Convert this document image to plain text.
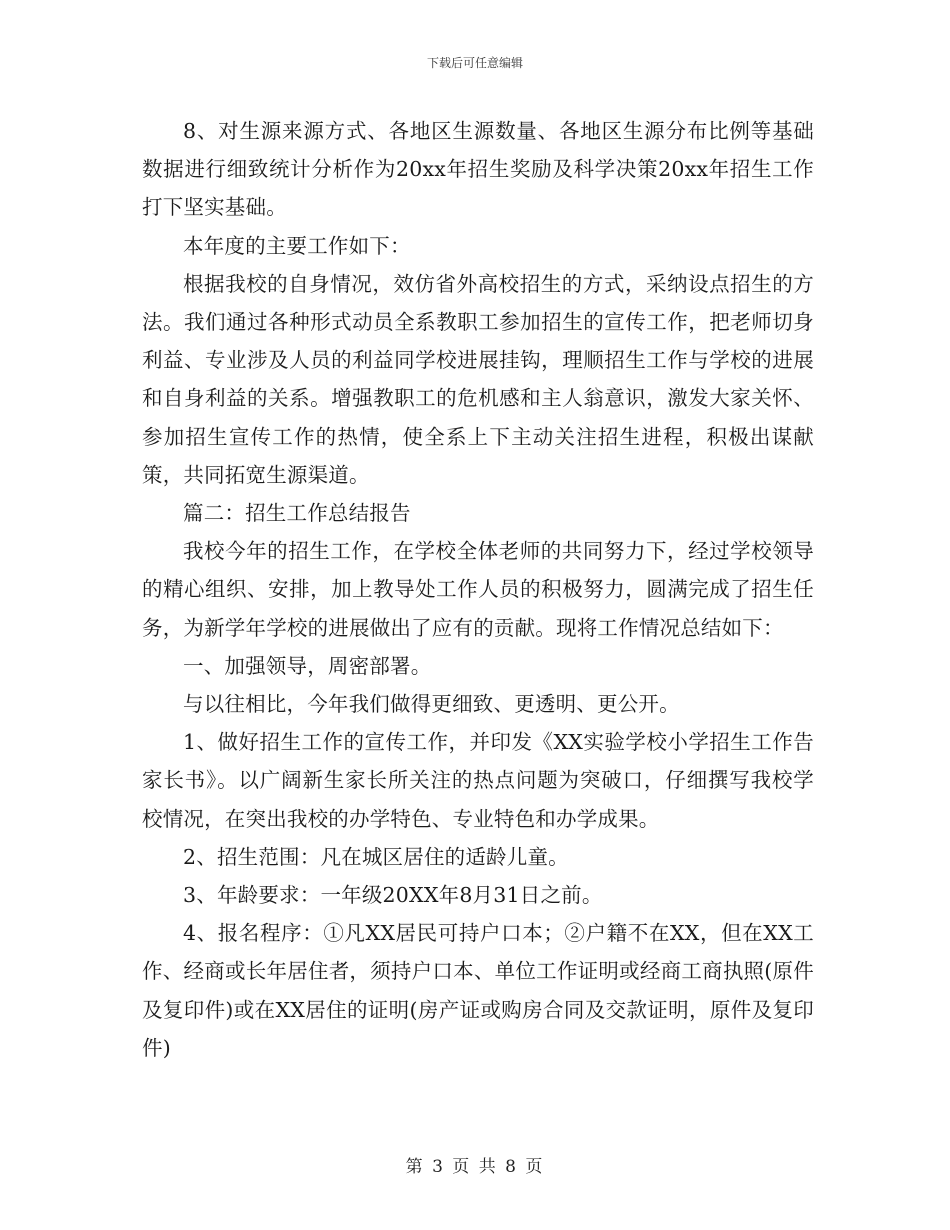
下载后可任意编辑

8、对生源来源方式、各地区生源数量、各地区生源分布比例等基础数据进行细致统计分析作为20xx年招生奖励及科学决策20xx年招生工作打下坚实基础。

本年度的主要工作如下：

根据我校的自身情况，效仿省外高校招生的方式，采纳设点招生的方法。我们通过各种形式动员全系教职工参加招生的宣传工作，把老师切身利益、专业涉及人员的利益同学校进展挂钩，理顺招生工作与学校的进展和自身利益的关系。增强教职工的危机感和主人翁意识，激发大家关怀、参加招生宣传工作的热情，使全系上下主动关注招生进程，积极出谋献策，共同拓宽生源渠道。

篇二：招生工作总结报告

我校今年的招生工作，在学校全体老师的共同努力下，经过学校领导的精心组织、安排，加上教导处工作人员的积极努力，圆满完成了招生任务，为新学年学校的进展做出了应有的贡献。现将工作情况总结如下：

一、加强领导，周密部署。

与以往相比，今年我们做得更细致、更透明、更公开。

1、做好招生工作的宣传工作，并印发《XX实验学校小学招生工作告家长书》。以广阔新生家长所关注的热点问题为突破口，仔细撰写我校学校情况，在突出我校的办学特色、专业特色和办学成果。

2、招生范围：凡在城区居住的适龄儿童。

3、年龄要求：一年级20XX年8月31日之前。

4、报名程序：①凡XX居民可持户口本；②户籍不在XX，但在XX工作、经商或长年居住者，须持户口本、单位工作证明或经商工商执照(原件及复印件)或在XX居住的证明(房产证或购房合同及交款证明，原件及复印件)

第 3 页 共 8 页
